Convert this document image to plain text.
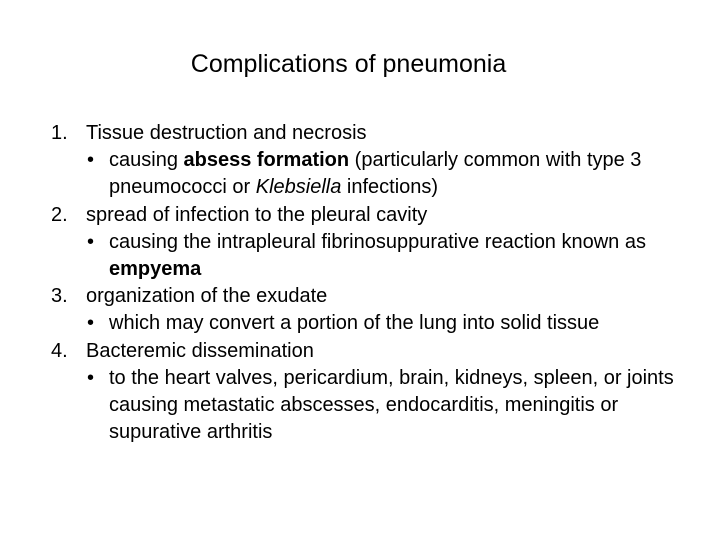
Complications of pneumonia
1. Tissue destruction and necrosis
• causing absess formation (particularly common with type 3 pneumococci or Klebsiella infections)
2. spread of infection to the pleural cavity
• causing the intrapleural fibrinosuppurative reaction known as empyema
3. organization of the exudate
• which may convert a portion of the lung into solid tissue
4. Bacteremic dissemination
• to the heart valves, pericardium, brain, kidneys, spleen, or joints causing metastatic abscesses, endocarditis, meningitis or supurative arthritis
